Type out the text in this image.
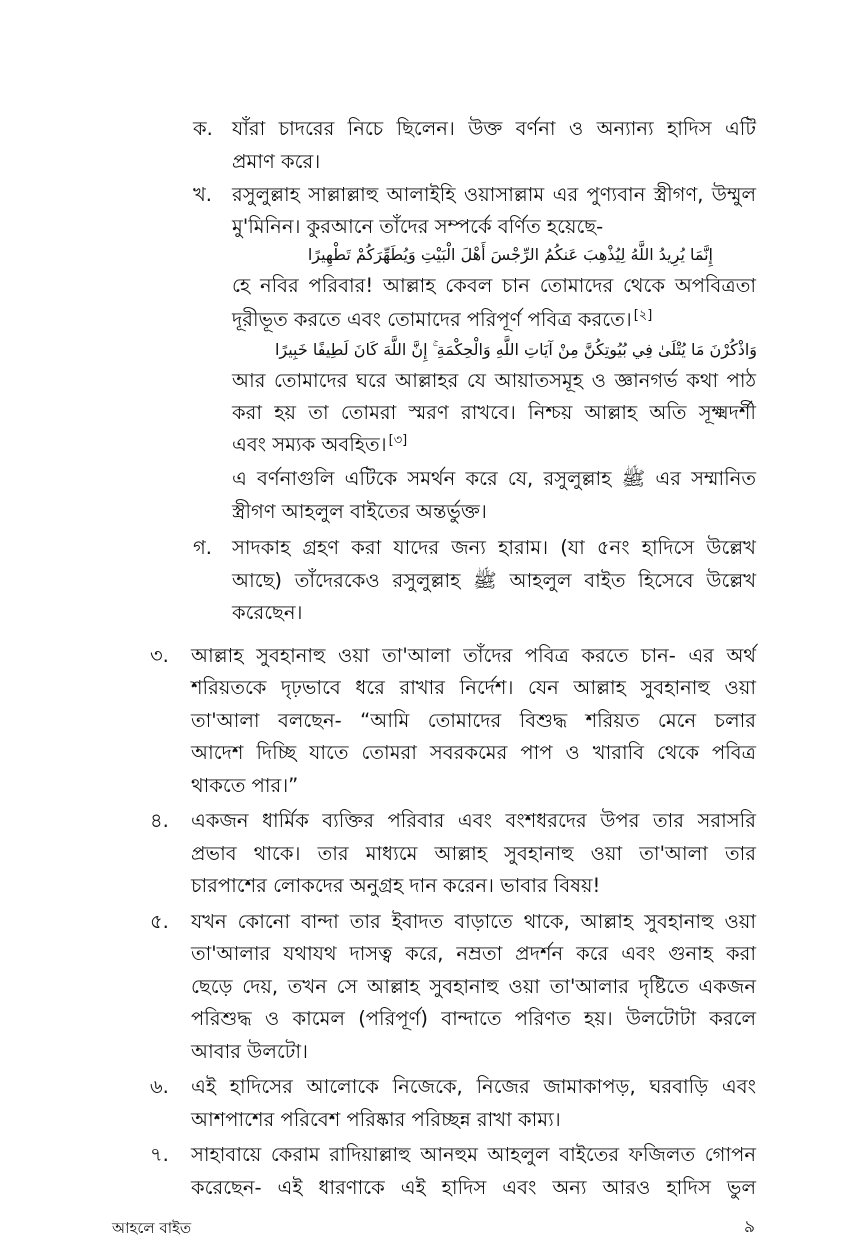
ক. যাঁরা চাদরের নিচে ছিলেন। উক্ত বর্ণনা ও অন্যান্য হাদিস এটি
প্রমাণ করে।
খ. রসুলুল্লাহ সাল্লাল্লাহু আলাইহি ওয়াসাল্লাম এর পুণ্যবান স্ত্রীগণ, উম্মুল
মু'মিনিন। কুরআনে তাঁদের সম্পর্কে বর্ণিত হয়েছে-
إِنَّمَا يُرِيدُ اللَّهُ لِيُذْهِبَ عَنكُمُ الرِّجْسَ أَهْلَ الْبَيْتِ وَيُطَهِّرَكُمْ تَطْهِيرًا
হে নবির পরিবার! আল্লাহ কেবল চান তোমাদের থেকে অপবিত্রতা
দূরীভূত করতে এবং তোমাদের পরিপূর্ণ পবিত্র করতে। [২]
وَاذْكُرْنَ مَا يُتْلَىٰ فِي بُيُوتِكُنَّ مِنْ آيَاتِ اللَّهِ وَالْحِكْمَةِ ۚ إِنَّ اللَّهَ كَانَ لَطِيفًا خَبِيرًا
আর তোমাদের ঘরে আল্লাহর যে আয়াতসমূহ ও জ্ঞানগর্ভ কথা পাঠ
করা হয় তা তোমরা স্মরণ রাখবে। নিশ্চয় আল্লাহ অতি সূক্ষ্মদর্শী
এবং সম্যক অবহিত। [৩]
এ বর্ণনাগুলি এটিকে সমর্থন করে যে, রসুলুল্লাহ ﷺ এর সম্মানিত
স্ত্রীগণ আহলুল বাইতের অন্তর্ভুক্ত।
গ. সাদকাহ গ্রহণ করা যাদের জন্য হারাম। (যা ৫নং হাদিসে উল্লেখ
আছে) তাঁদেরকেও রসুলুল্লাহ ﷺ আহলুল বাইত হিসেবে উল্লেখ
করেছেন।
৩. আল্লাহ সুবহানাহু ওয়া তা'আলা তাঁদের পবিত্র করতে চান- এর অর্থ
শরিয়তকে দৃঢ়ভাবে ধরে রাখার নির্দেশ। যেন আল্লাহ সুবহানাহু ওয়া
তা'আলা বলছেন- “আমি তোমাদের বিশুদ্ধ শরিয়ত মেনে চলার
আদেশ দিচ্ছি যাতে তোমরা সবরকমের পাপ ও খারাবি থেকে পবিত্র
থাকতে পার।”
৪. একজন ধার্মিক ব্যক্তির পরিবার এবং বংশধরদের উপর তার সরাসরি
প্রভাব থাকে। তার মাধ্যমে আল্লাহ সুবহানাহু ওয়া তা'আলা তার
চারপাশের লোকদের অনুগ্রহ দান করেন। ভাবার বিষয়!
৫. যখন কোনো বান্দা তার ইবাদত বাড়াতে থাকে, আল্লাহ সুবহানাহু ওয়া
তা'আলার যথাযথ দাসত্ব করে, নম্রতা প্রদর্শন করে এবং গুনাহ করা
ছেড়ে দেয়, তখন সে আল্লাহ সুবহানাহু ওয়া তা'আলার দৃষ্টিতে একজন
পরিশুদ্ধ ও কামেল (পরিপূর্ণ) বান্দাতে পরিণত হয়। উলটোটা করলে
আবার উলটো।
৬. এই হাদিসের আলোকে নিজেকে, নিজের জামাকাপড়, ঘরবাড়ি এবং
আশপাশের পরিবেশ পরিষ্কার পরিচ্ছন্ন রাখা কাম্য।
৭. সাহাবায়ে কেরাম রাদিয়াল্লাহু আনহুম আহলুল বাইতের ফজিলত গোপন
করেছেন- এই ধারণাকে এই হাদিস এবং অন্য আরও হাদিস ভুল
আহলে বাইত	৯
